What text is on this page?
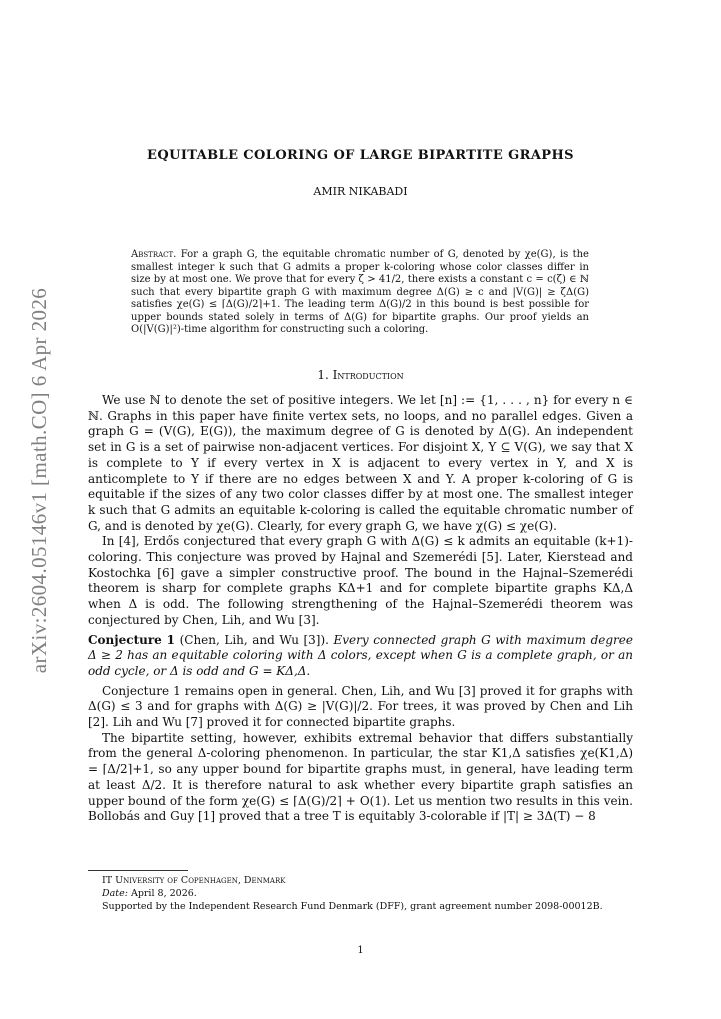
arXiv:2604.05146v1 [math.CO] 6 Apr 2026
EQUITABLE COLORING OF LARGE BIPARTITE GRAPHS

AMIR NIKABADI

Abstract. For a graph G, the equitable chromatic number of G, denoted by χe(G), is the smallest integer k such that G admits a proper k-coloring whose color classes differ in size by at most one. We prove that for every ζ > 41/2, there exists a constant c = c(ζ) ∈ ℕ such that every bipartite graph G with maximum degree Δ(G) ≥ c and |V(G)| ≥ ζΔ(G) satisfies χe(G) ≤ ⌈Δ(G)/2⌉+1. The leading term Δ(G)/2 in this bound is best possible for upper bounds stated solely in terms of Δ(G) for bipartite graphs. Our proof yields an O(|V(G)|²)-time algorithm for constructing such a coloring.

1. Introduction

We use ℕ to denote the set of positive integers. We let [n] := {1, . . . , n} for every n ∈ ℕ. Graphs in this paper have finite vertex sets, no loops, and no parallel edges. Given a graph G = (V(G), E(G)), the maximum degree of G is denoted by Δ(G). An independent set in G is a set of pairwise non-adjacent vertices. For disjoint X, Y ⊆ V(G), we say that X is complete to Y if every vertex in X is adjacent to every vertex in Y, and X is anticomplete to Y if there are no edges between X and Y. A proper k-coloring of G is equitable if the sizes of any two color classes differ by at most one. The smallest integer k such that G admits an equitable k-coloring is called the equitable chromatic number of G, and is denoted by χe(G). Clearly, for every graph G, we have χ(G) ≤ χe(G).

In [4], Erdős conjectured that every graph G with Δ(G) ≤ k admits an equitable (k+1)-coloring. This conjecture was proved by Hajnal and Szemerédi [5]. Later, Kierstead and Kostochka [6] gave a simpler constructive proof. The bound in the Hajnal–Szemerédi theorem is sharp for complete graphs KΔ+1 and for complete bipartite graphs KΔ,Δ when Δ is odd. The following strengthening of the Hajnal–Szemerédi theorem was conjectured by Chen, Lih, and Wu [3].

Conjecture 1 (Chen, Lih, and Wu [3]). Every connected graph G with maximum degree Δ ≥ 2 has an equitable coloring with Δ colors, except when G is a complete graph, or an odd cycle, or Δ is odd and G = KΔ,Δ.

Conjecture 1 remains open in general. Chen, Lih, and Wu [3] proved it for graphs with Δ(G) ≤ 3 and for graphs with Δ(G) ≥ |V(G)|/2. For trees, it was proved by Chen and Lih [2]. Lih and Wu [7] proved it for connected bipartite graphs.

The bipartite setting, however, exhibits extremal behavior that differs substantially from the general Δ-coloring phenomenon. In particular, the star K1,Δ satisfies χe(K1,Δ) = ⌈Δ/2⌉+1, so any upper bound for bipartite graphs must, in general, have leading term at least Δ/2. It is therefore natural to ask whether every bipartite graph satisfies an upper bound of the form χe(G) ≤ ⌈Δ(G)/2⌉ + O(1). Let us mention two results in this vein. Bollobás and Guy [1] proved that a tree T is equitably 3-colorable if |T| ≥ 3Δ(T) − 8

IT University of Copenhagen, Denmark
Date: April 8, 2026.
Supported by the Independent Research Fund Denmark (DFF), grant agreement number 2098-00012B.

1
